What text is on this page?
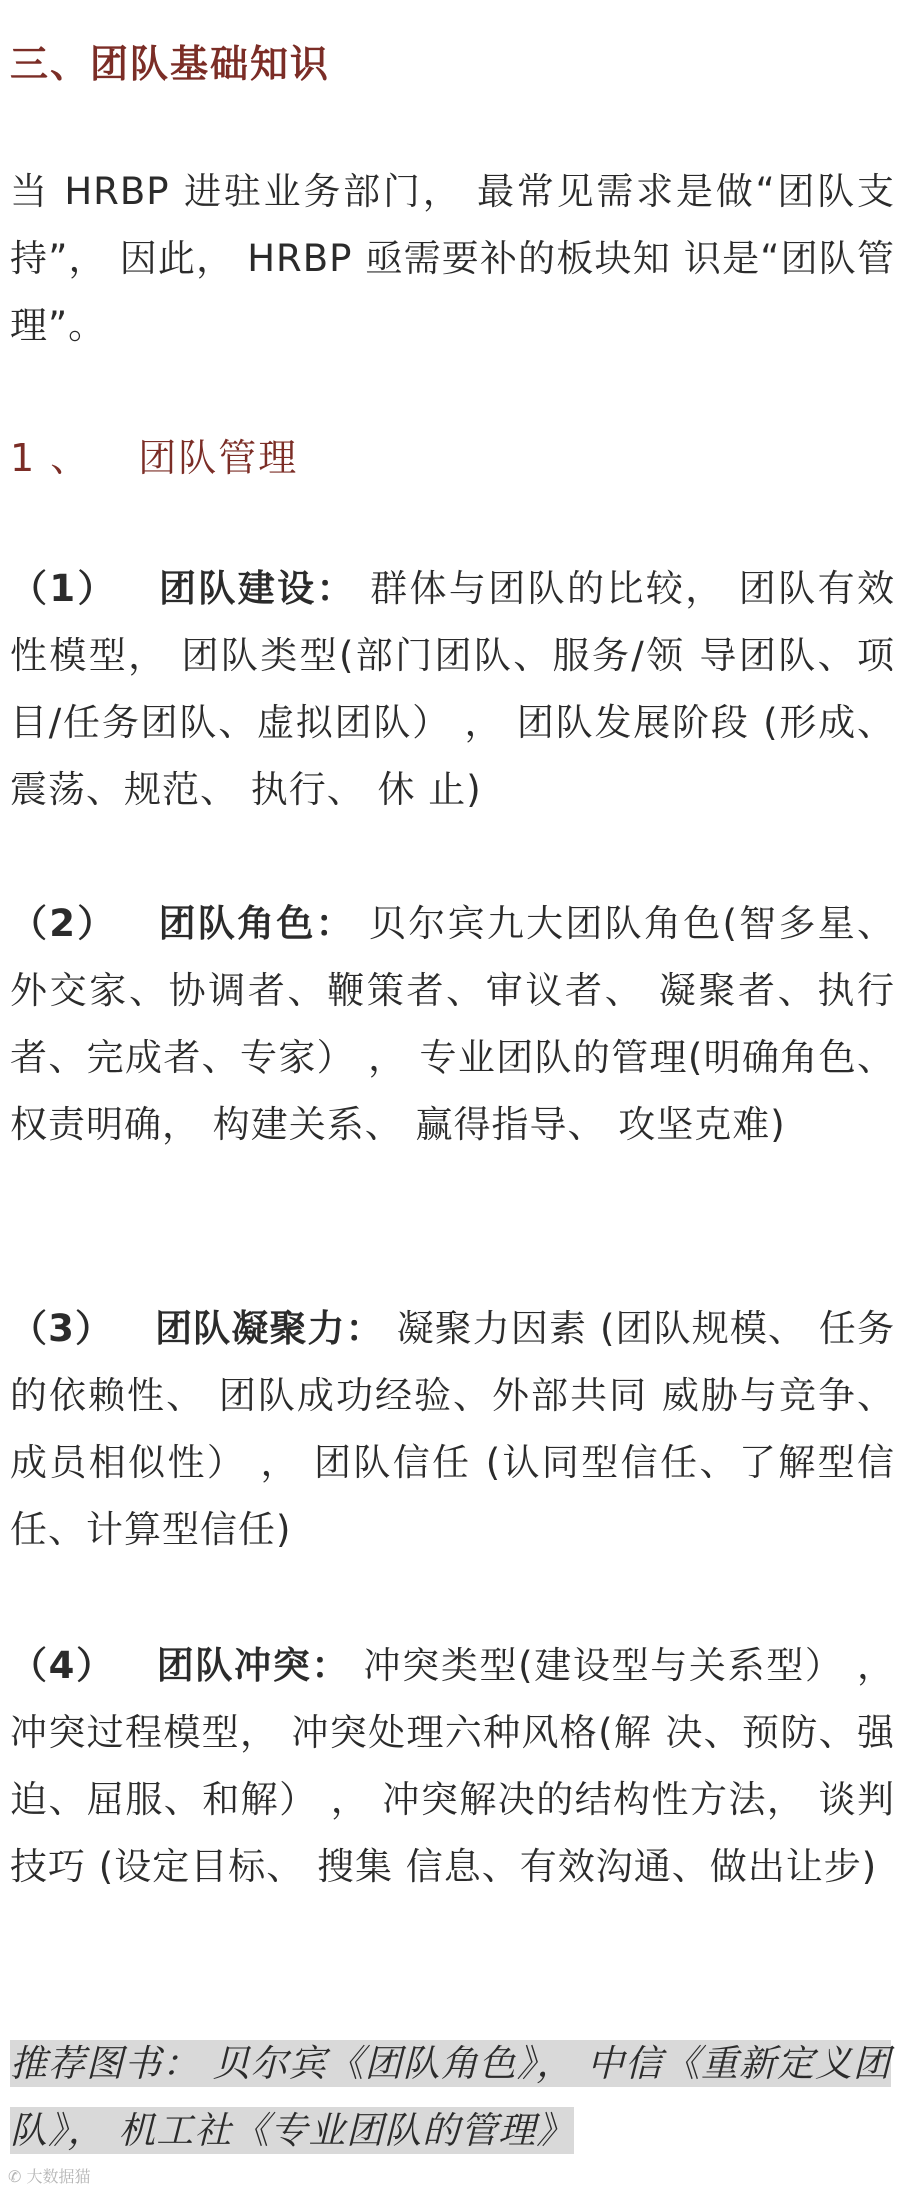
三、团队基础知识
当 HRBP 进驻业务部门， 最常见需求是做“团队支持”， 因此， HRBP 亟需要补的板块知 识是“团队管理”。
1 、 团队管理
（1） 团队建设： 群体与团队的比较， 团队有效性模型， 团队类型(部门团队、服务/领 导团队、项目/任务团队、虚拟团队） ， 团队发展阶段 (形成、震荡、规范、 执行、 休 止)
（2） 团队角色： 贝尔宾九大团队角色(智多星、外交家、协调者、鞭策者、审议者、 凝聚者、执行者、完成者、专家） ， 专业团队的管理(明确角色、 权责明确， 构建关系、 赢得指导、 攻坚克难)
（3） 团队凝聚力： 凝聚力因素 (团队规模、 任务的依赖性、 团队成功经验、外部共同 威胁与竞争、成员相似性） ， 团队信任 (认同型信任、了解型信任、计算型信任)
（4） 团队冲突： 冲突类型(建设型与关系型） ， 冲突过程模型， 冲突处理六种风格(解 决、预防、强迫、屈服、和解） ， 冲突解决的结构性方法， 谈判技巧 (设定目标、 搜集 信息、有效沟通、做出让步)
推荐图书： 贝尔宾《团队角色》， 中信《重新定义团队》， 机工社《专业团队的管理》
✆ 大数据猫
